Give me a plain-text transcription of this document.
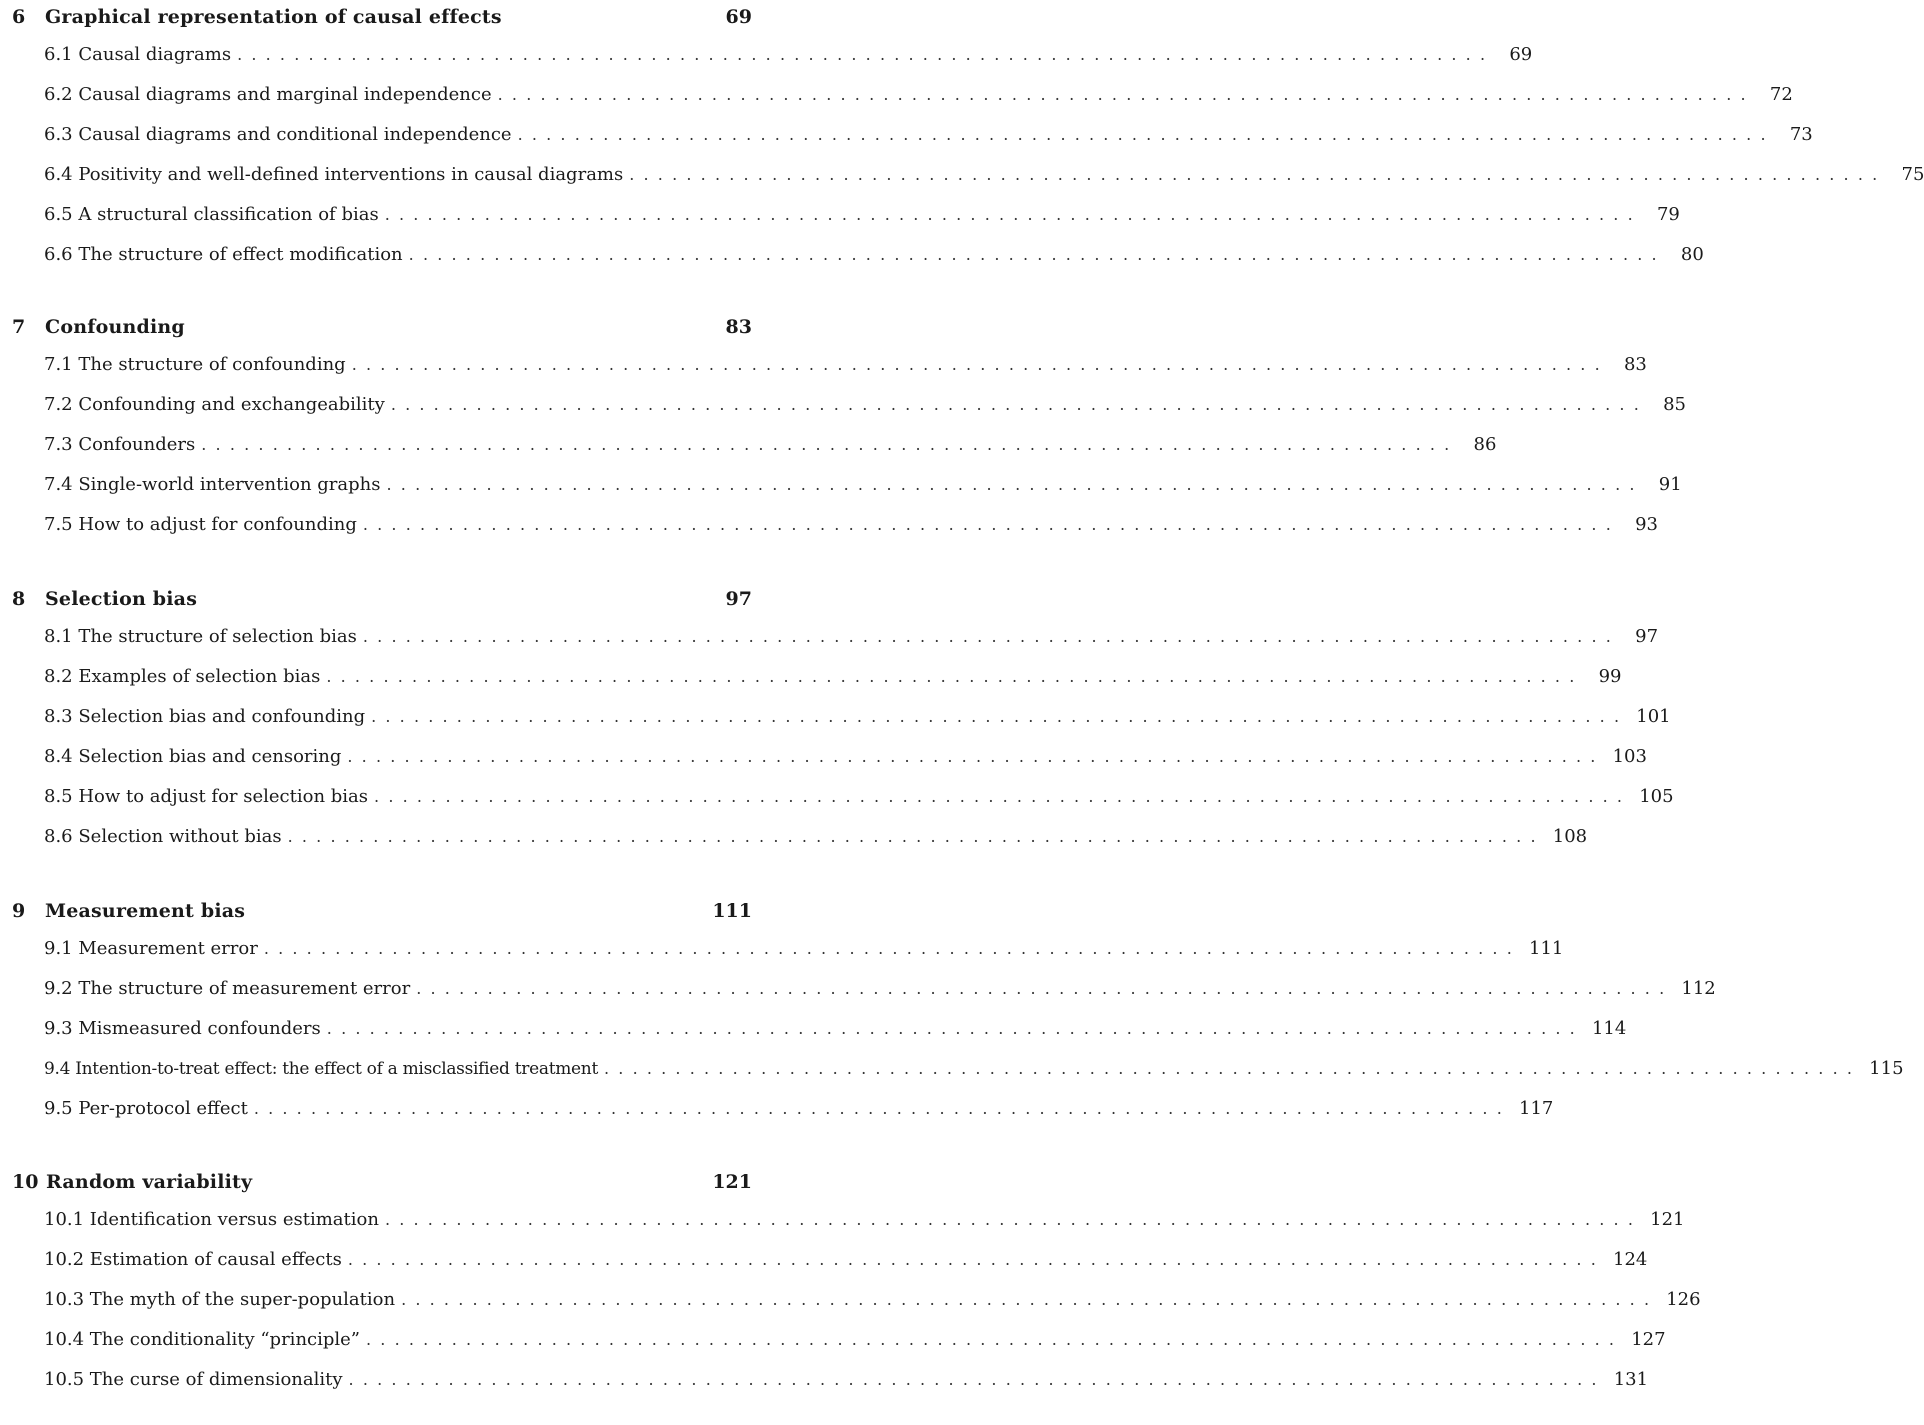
6 Graphical representation of causal effects	69
6.1 Causal diagrams ........................................................................................ 69
6.2 Causal diagrams and marginal independence ........................................................................................ 72
6.3 Causal diagrams and conditional independence ........................................................................................ 73
6.4 Positivity and well-defined interventions in causal diagrams ........................................................................................ 75
6.5 A structural classification of bias ........................................................................................ 79
6.6 The structure of effect modification ........................................................................................ 80
7 Confounding	83
7.1 The structure of confounding ........................................................................................ 83
7.2 Confounding and exchangeability ........................................................................................ 85
7.3 Confounders ........................................................................................ 86
7.4 Single-world intervention graphs ........................................................................................ 91
7.5 How to adjust for confounding ........................................................................................ 93
8 Selection bias	97
8.1 The structure of selection bias ........................................................................................ 97
8.2 Examples of selection bias ........................................................................................ 99
8.3 Selection bias and confounding ........................................................................................ 101
8.4 Selection bias and censoring ........................................................................................ 103
8.5 How to adjust for selection bias ........................................................................................ 105
8.6 Selection without bias ........................................................................................ 108
9 Measurement bias	111
9.1 Measurement error ........................................................................................ 111
9.2 The structure of measurement error ........................................................................................ 112
9.3 Mismeasured confounders ........................................................................................ 114
9.4 Intention-to-treat effect: the effect of a misclassified treatment ........................................................................................ 115
9.5 Per-protocol effect ........................................................................................ 117
10 Random variability	121
10.1 Identification versus estimation ........................................................................................ 121
10.2 Estimation of causal effects ........................................................................................ 124
10.3 The myth of the super-population ........................................................................................ 126
10.4 The conditionality “principle” ........................................................................................ 127
10.5 The curse of dimensionality ........................................................................................ 131
